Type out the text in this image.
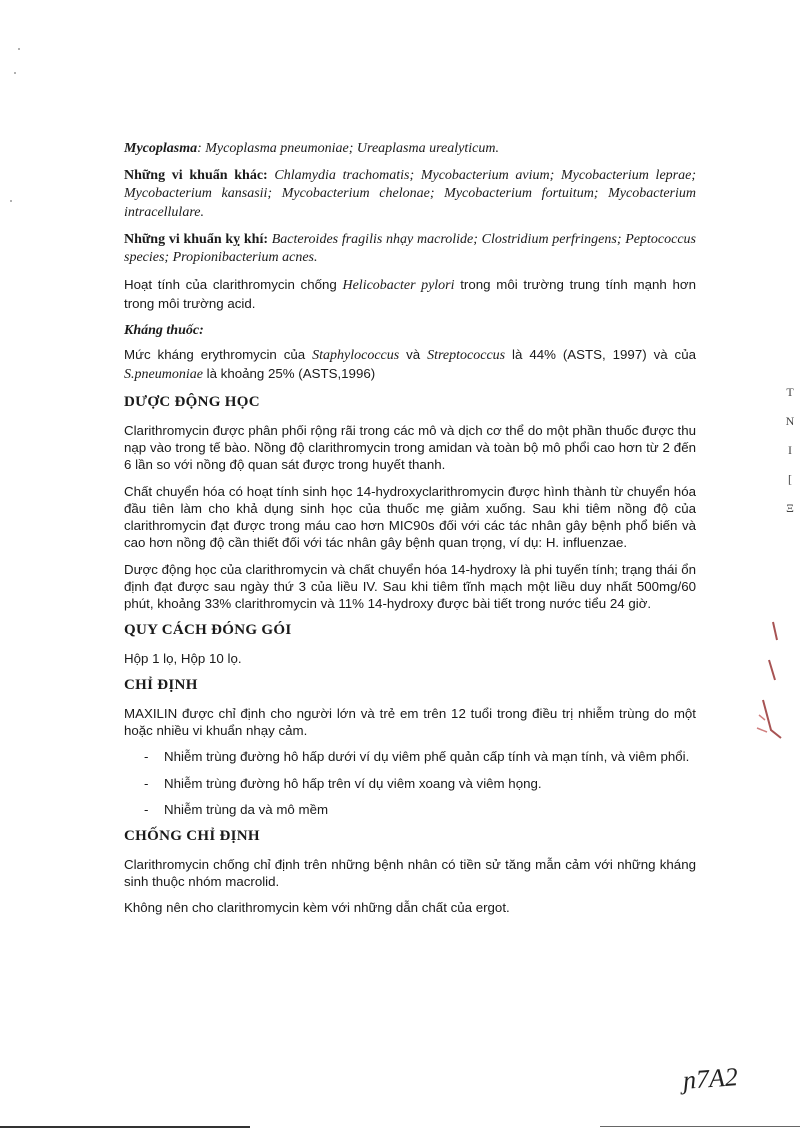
Mycoplasma: Mycoplasma pneumoniae; Ureaplasma urealyticum.

Những vi khuẩn khác: Chlamydia trachomatis; Mycobacterium avium; Mycobacterium leprae; Mycobacterium kansasii; Mycobacterium chelonae; Mycobacterium fortuitum; Mycobacterium intracellulare.

Những vi khuẩn kỵ khí: Bacteroides fragilis nhạy macrolide; Clostridium perfringens; Peptococcus species; Propionibacterium acnes.

Hoạt tính của clarithromycin chống Helicobacter pylori trong môi trường trung tính mạnh hơn trong môi trường acid.

Kháng thuốc:

Mức kháng erythromycin của Staphylococcus và Streptococcus là 44% (ASTS, 1997) và của S.pneumoniae là khoảng 25% (ASTS,1996)

DƯỢC ĐỘNG HỌC

Clarithromycin được phân phối rộng rãi trong các mô và dịch cơ thể do một phần thuốc được thu nạp vào trong tế bào. Nồng độ clarithromycin trong amidan và toàn bộ mô phổi cao hơn từ 2 đến 6 lần so với nồng độ quan sát được trong huyết thanh.

Chất chuyển hóa có hoạt tính sinh học 14-hydroxyclarithromycin được hình thành từ chuyển hóa đầu tiên làm cho khả dụng sinh học của thuốc mẹ giảm xuống. Sau khi tiêm nồng độ của clarithromycin đạt được trong máu cao hơn MIC90s đối với các tác nhân gây bệnh phổ biến và cao hơn nồng độ cần thiết đối với tác nhân gây bệnh quan trọng, ví dụ: H. influenzae.

Dược động học của clarithromycin và chất chuyển hóa 14-hydroxy là phi tuyến tính; trạng thái ổn định đạt được sau ngày thứ 3 của liều IV. Sau khi tiêm tĩnh mạch một liều duy nhất 500mg/60 phút, khoảng 33% clarithromycin và 11% 14-hydroxy được bài tiết trong nước tiểu 24 giờ.

QUY CÁCH ĐÓNG GÓI

Hộp 1 lọ, Hộp 10 lọ.

CHỈ ĐỊNH

MAXILIN được chỉ định cho người lớn và trẻ em trên 12 tuổi trong điều trị nhiễm trùng do một hoặc nhiều vi khuẩn nhạy cảm.

- Nhiễm trùng đường hô hấp dưới ví dụ viêm phế quản cấp tính và mạn tính, và viêm phổi.
- Nhiễm trùng đường hô hấp trên ví dụ viêm xoang và viêm họng.
- Nhiễm trùng da và mô mềm
CHỐNG CHỈ ĐỊNH

Clarithromycin chống chỉ định trên những bệnh nhân có tiền sử tăng mẫn cảm với những kháng sinh thuộc nhóm macrolid.

Không nên cho clarithromycin kèm với những dẫn chất của ergot.

T
N
I
[
Ξ
ɲ7A2
